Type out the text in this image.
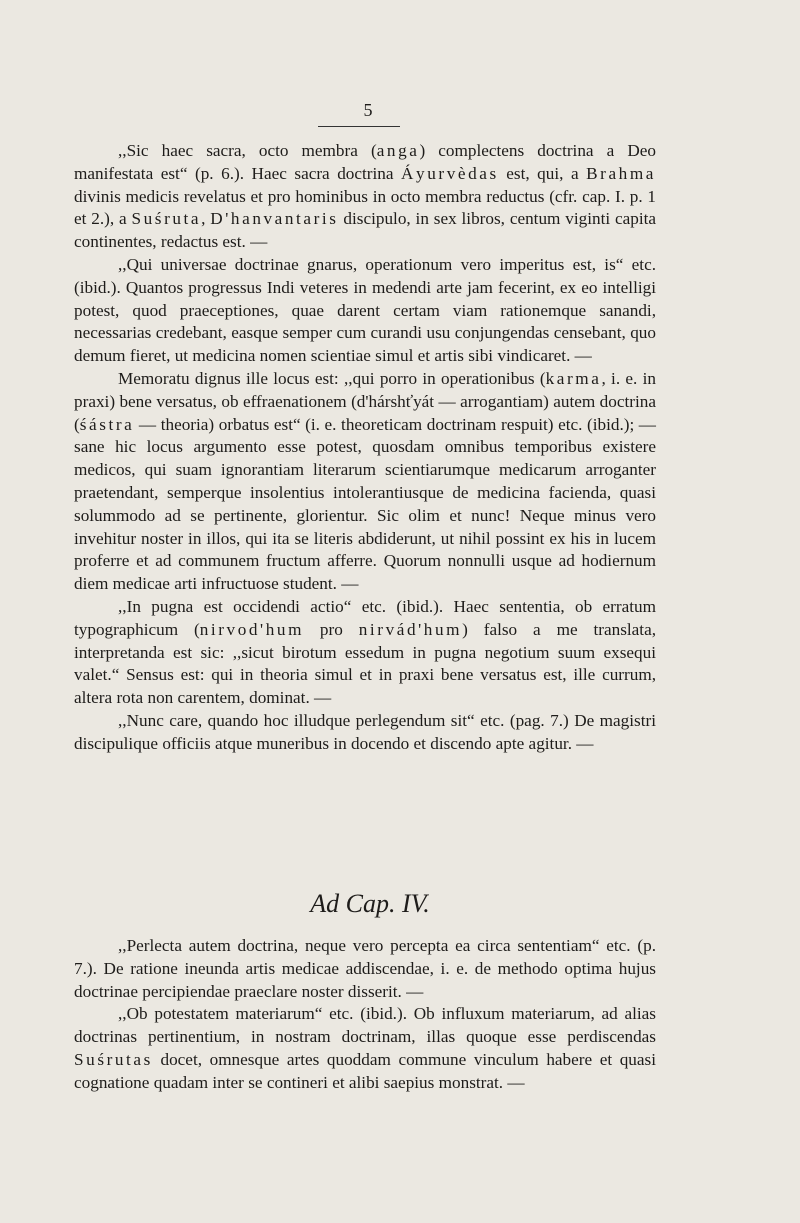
5

,,Sic haec sacra, octo membra (anga) complectens doctrina a Deo manifestata est“ (p. 6.). Haec sacra doctrina Áyurvèdas est, qui, a Brahma divinis medicis revelatus et pro hominibus in octo membra reductus (cfr. cap. I. p. 1 et 2.), a Suśruta, D'hanvantaris discipulo, in sex libros, centum viginti capita continentes, redactus est. —

,,Qui universae doctrinae gnarus, operationum vero imperitus est, is“ etc. (ibid.). Quantos progressus Indi veteres in medendi arte jam fecerint, ex eo intelligi potest, quod praeceptiones, quae darent certam viam rationemque sanandi, necessarias credebant, easque semper cum curandi usu conjungendas censebant, quo demum fieret, ut medicina nomen scientiae simul et artis sibi vindicaret. —

Memoratu dignus ille locus est: ,,qui porro in operationibus (karma, i. e. in praxi) bene versatus, ob effraenationem (d'hárshťyát — arrogantiam) autem doctrina (śástra — theoria) orbatus est“ (i. e. theoreticam doctrinam respuit) etc. (ibid.); — sane hic locus argumento esse potest, quosdam omnibus temporibus existere medicos, qui suam ignorantiam literarum scientiarumque medicarum arroganter praetendant, semperque insolentius intolerantiusque de medicina facienda, quasi solummodo ad se pertinente, glorientur. Sic olim et nunc! Neque minus vero invehitur noster in illos, qui ita se literis abdiderunt, ut nihil possint ex his in lucem proferre et ad communem fructum afferre. Quorum nonnulli usque ad hodiernum diem medicae arti infructuose student. —

,,In pugna est occidendi actio“ etc. (ibid.). Haec sententia, ob erratum typographicum (nirvod'hum pro nirvád'hum) falso a me translata, interpretanda est sic: ,,sicut birotum essedum in pugna negotium suum exsequi valet.“ Sensus est: qui in theoria simul et in praxi bene versatus est, ille currum, altera rota non carentem, dominat. —

,,Nunc care, quando hoc illudque perlegendum sit“ etc. (pag. 7.) De magistri discipulique officiis atque muneribus in docendo et discendo apte agitur. —

Ad Cap. IV.

,,Perlecta autem doctrina, neque vero percepta ea circa sententiam“ etc. (p. 7.). De ratione ineunda artis medicae addiscendae, i. e. de methodo optima hujus doctrinae percipiendae praeclare noster disserit. —

,,Ob potestatem materiarum“ etc. (ibid.). Ob influxum materiarum, ad alias doctrinas pertinentium, in nostram doctrinam, illas quoque esse perdiscendas Suśrutas docet, omnesque artes quoddam commune vinculum habere et quasi cognatione quadam inter se contineri et alibi saepius monstrat. —
